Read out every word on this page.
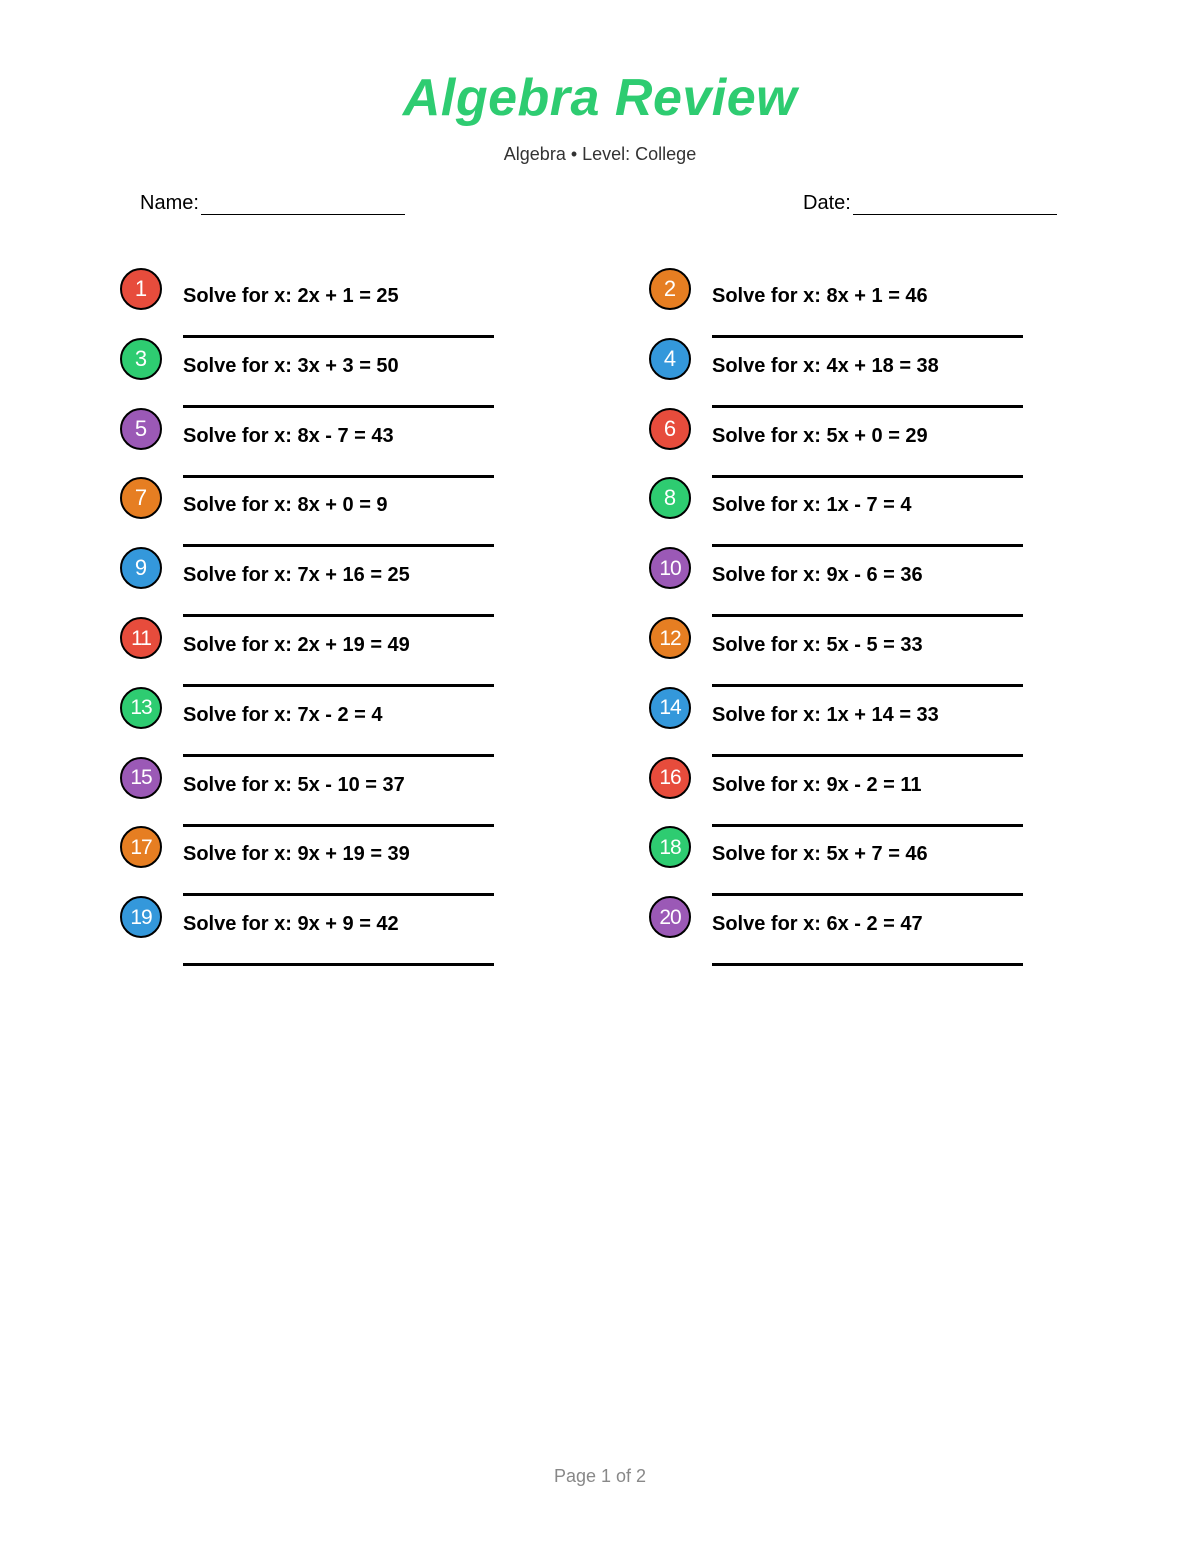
Algebra Review
Algebra • Level: College
Name:	Date:
1	Solve for x: 2x + 1 = 25	2	Solve for x: 8x + 1 = 46
3	Solve for x: 3x + 3 = 50	4	Solve for x: 4x + 18 = 38
5	Solve for x: 8x - 7 = 43	6	Solve for x: 5x + 0 = 29
7	Solve for x: 8x + 0 = 9	8	Solve for x: 1x - 7 = 4
9	Solve for x: 7x + 16 = 25	10	Solve for x: 9x - 6 = 36
11	Solve for x: 2x + 19 = 49	12	Solve for x: 5x - 5 = 33
13	Solve for x: 7x - 2 = 4	14	Solve for x: 1x + 14 = 33
15	Solve for x: 5x - 10 = 37	16	Solve for x: 9x - 2 = 11
17	Solve for x: 9x + 19 = 39	18	Solve for x: 5x + 7 = 46
19	Solve for x: 9x + 9 = 42	20	Solve for x: 6x - 2 = 47
Page 1 of 2
